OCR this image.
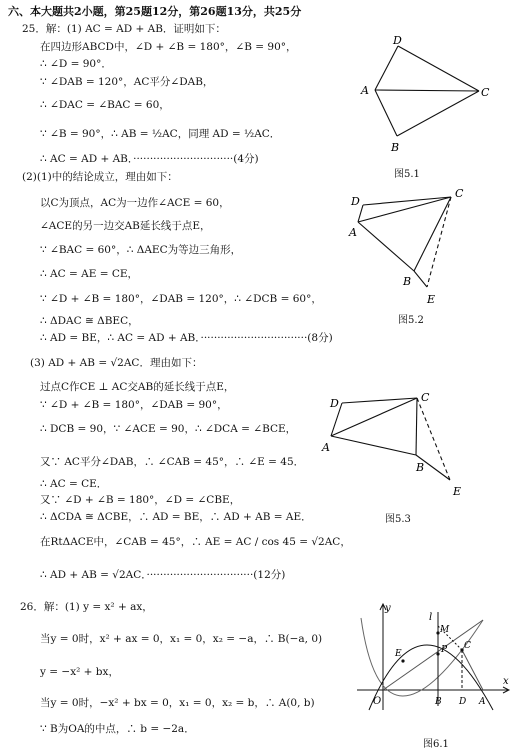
六、本大题共2小题，第25题12分，第26题13分，共25分
25．解：(1) AC = AD + AB．证明如下：
在四边形ABCD中，∠D + ∠B = 180°，∠B = 90°，
∴ ∠D = 90°．
∵ ∠DAB = 120°，AC平分∠DAB，
∴ ∠DAC = ∠BAC = 60，
∵ ∠B = 90°，∴ AB = ½AC，同理 AD = ½AC．
∴ AC = AD + AB．······························(4分)
(2)(1)中的结论成立，理由如下：
以C为顶点，AC为一边作∠ACE = 60，
∠ACE的另一边交AB延长线于点E，
∵ ∠BAC = 60°，∴ ΔAEC为等边三角形，
∴ AC = AE = CE，
∵ ∠D + ∠B = 180°，∠DAB = 120°，∴ ∠DCB = 60°，
∴ ΔDAC ≅ ΔBEC，
∴ AD = BE，∴ AC = AD + AB．································(8分)
(3) AD + AB = √2AC．理由如下：
过点C作CE ⊥ AC交AB的延长线于点E，
∵ ∠D + ∠B = 180°，∠DAB = 90°，
∴ DCB = 90，∵ ∠ACE = 90，∴ ∠DCA = ∠BCE，
又∵ AC平分∠DAB，∴ ∠CAB = 45°，∴ ∠E = 45．
∴ AC = CE．
又∵ ∠D + ∠B = 180°，∠D = ∠CBE，
∴ ΔCDA ≅ ΔCBE，∴ AD = BE，∴ AD + AB = AE．
在RtΔACE中，∠CAB = 45°，∴ AE = AC / cos 45 = √2AC，
∴ AD + AB = √2AC．································(12分)
26．解：(1) y = x² + ax，
当y = 0时，x² + ax = 0，x₁ = 0，x₂ = −a，∴ B(−a, 0)
y = −x² + bx，
当y = 0时，−x² + bx = 0，x₁ = 0，x₂ = b，∴ A(0, b)
∵ B为OA的中点，∴ b = −2a．
D
A	C
B
图5.1
D
C
A
B
E
图5.2
D	C
A
B
E
图5.3
y
l
M
P
E
C
O	B D A
x
图6.1
